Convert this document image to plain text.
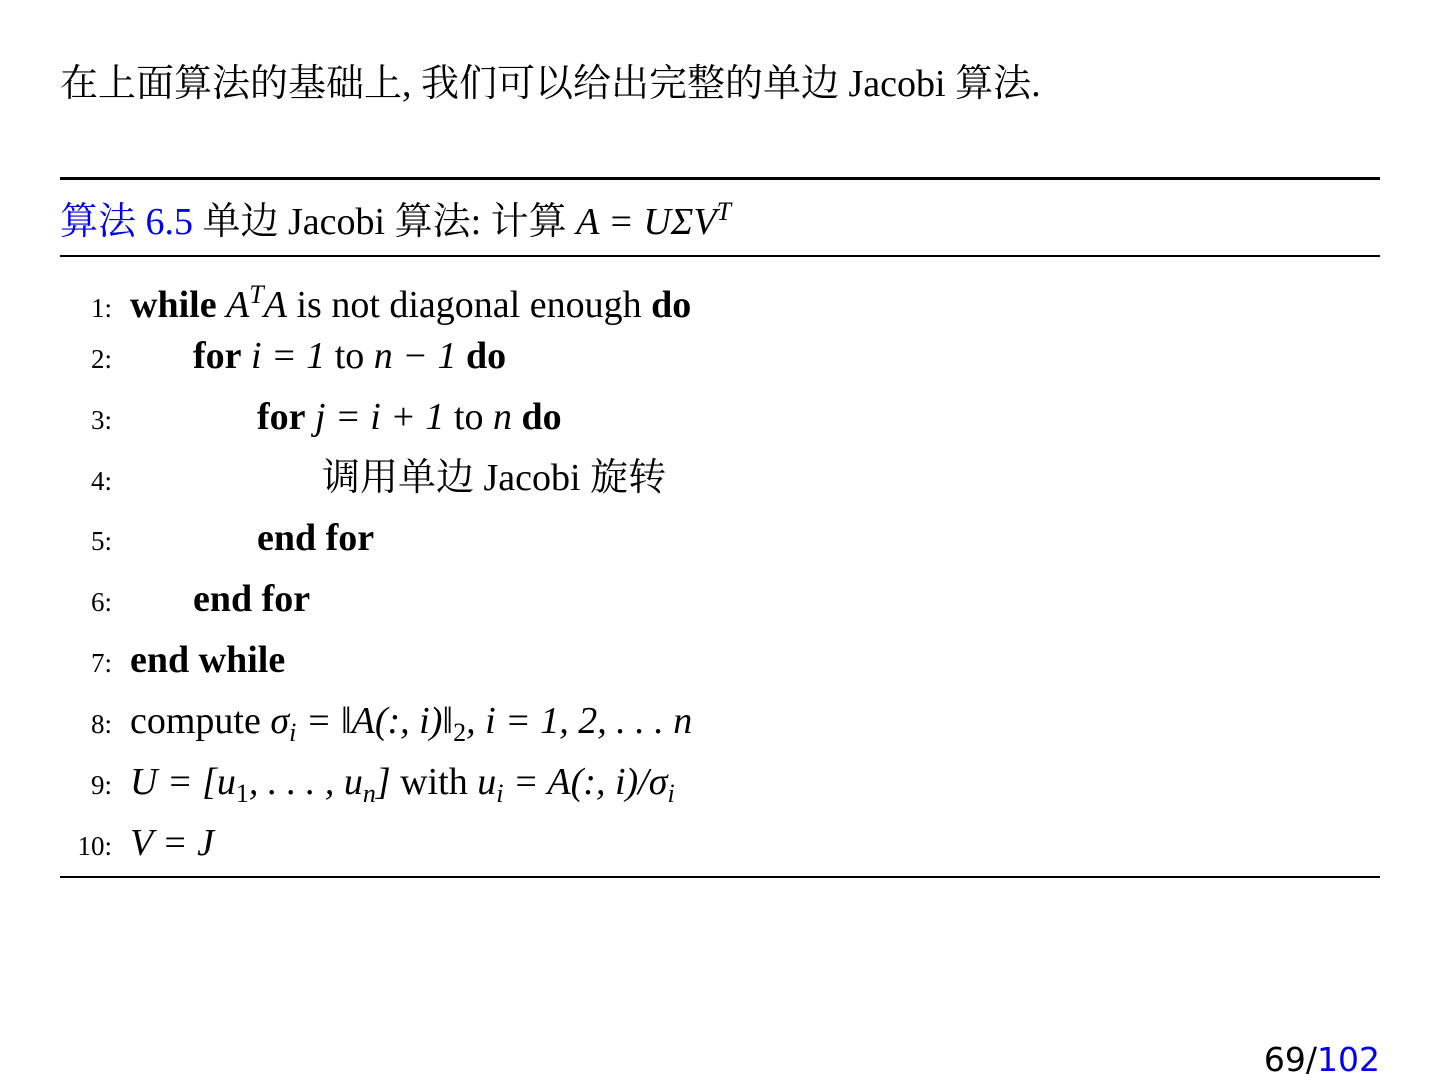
在上面算法的基础上, 我们可以给出完整的单边 Jacobi 算法.
算法 6.5 单边 Jacobi 算法: 计算 $A = U\Sigma V^T$
1: while $A^TA$ is not diagonal enough do
2: for i = 1 to n − 1 do
3:	for j = i + 1 to n do
4:	调用单边 Jacobi 旋转
5:	end for
6: end for
7: end while
8: compute $\sigma_i$ = ‖A(:, $i)‖_2$, i = 1, 2, . . . n
9: $U = [u_1$, . . . , $u_n$] with $u_i = A$(:, $i)/\sigma_i$
10: V = J
69/102
